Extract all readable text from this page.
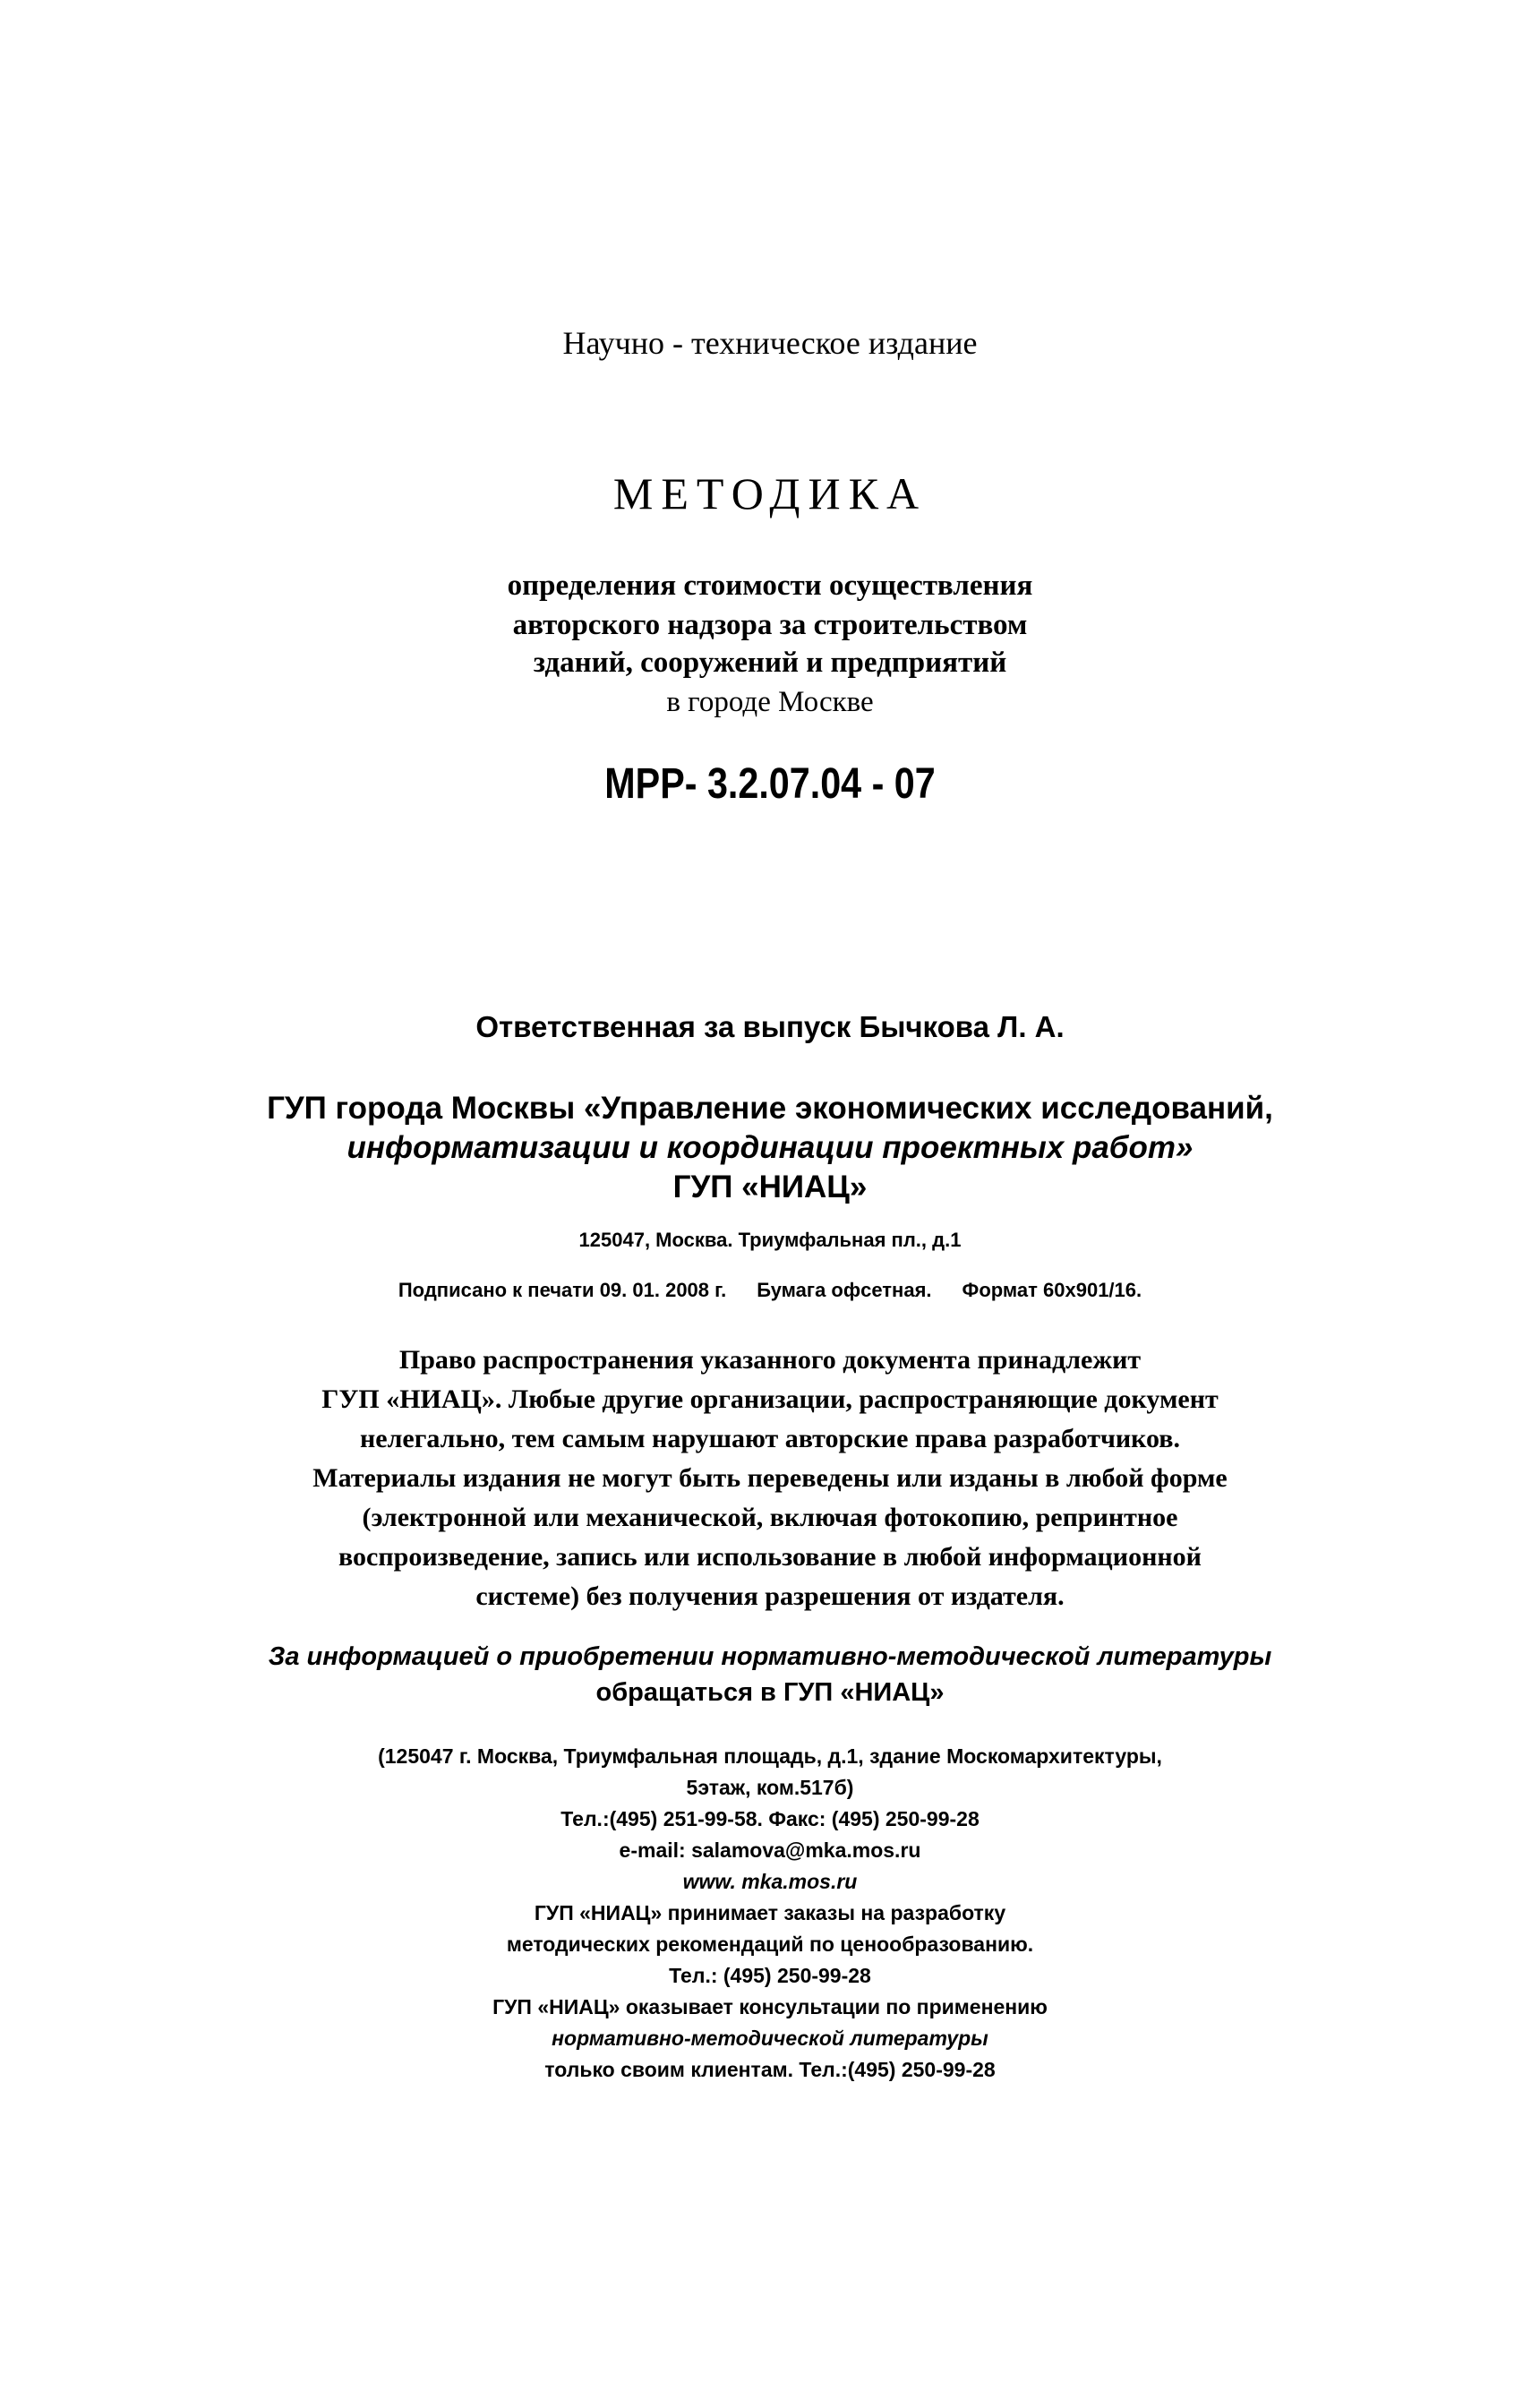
Научно - техническое издание
МЕТОДИКА
определения стоимости осуществления
авторского надзора за строительством
зданий, сооружений и предприятий
в городе Москве
МРР- 3.2.07.04 - 07
Ответственная за выпуск Бычкова Л. А.
ГУП города Москвы «Управление экономических исследований,
информатизации и координации проектных работ»
ГУП «НИАЦ»
125047, Москва. Триумфальная пл., д.1
Подписано к печати 09. 01. 2008 г. Бумага офсетная. Формат 60x901/16.
Право распространения указанного документа принадлежит
ГУП «НИАЦ». Любые другие организации, распространяющие документ
нелегально, тем самым нарушают авторские права разработчиков.
Материалы издания не могут быть переведены или изданы в любой форме
(электронной или механической, включая фотокопию, репринтное
воспроизведение, запись или использование в любой информационной
системе) без получения разрешения от издателя.
За информацией о приобретении нормативно-методической литературы
обращаться в ГУП «НИАЦ»
(125047 г. Москва, Триумфальная площадь, д.1, здание Москомархитектуры,
5этаж, ком.517б)
Тел.:(495) 251-99-58. Факс: (495) 250-99-28
e-mail: salamova@mka.mos.ru
www. mka.mos.ru
ГУП «НИАЦ» принимает заказы на разработку
методических рекомендаций по ценообразованию.
Тел.: (495) 250-99-28
ГУП «НИАЦ» оказывает консультации по применению
нормативно-методической литературы
только своим клиентам. Тел.:(495) 250-99-28
